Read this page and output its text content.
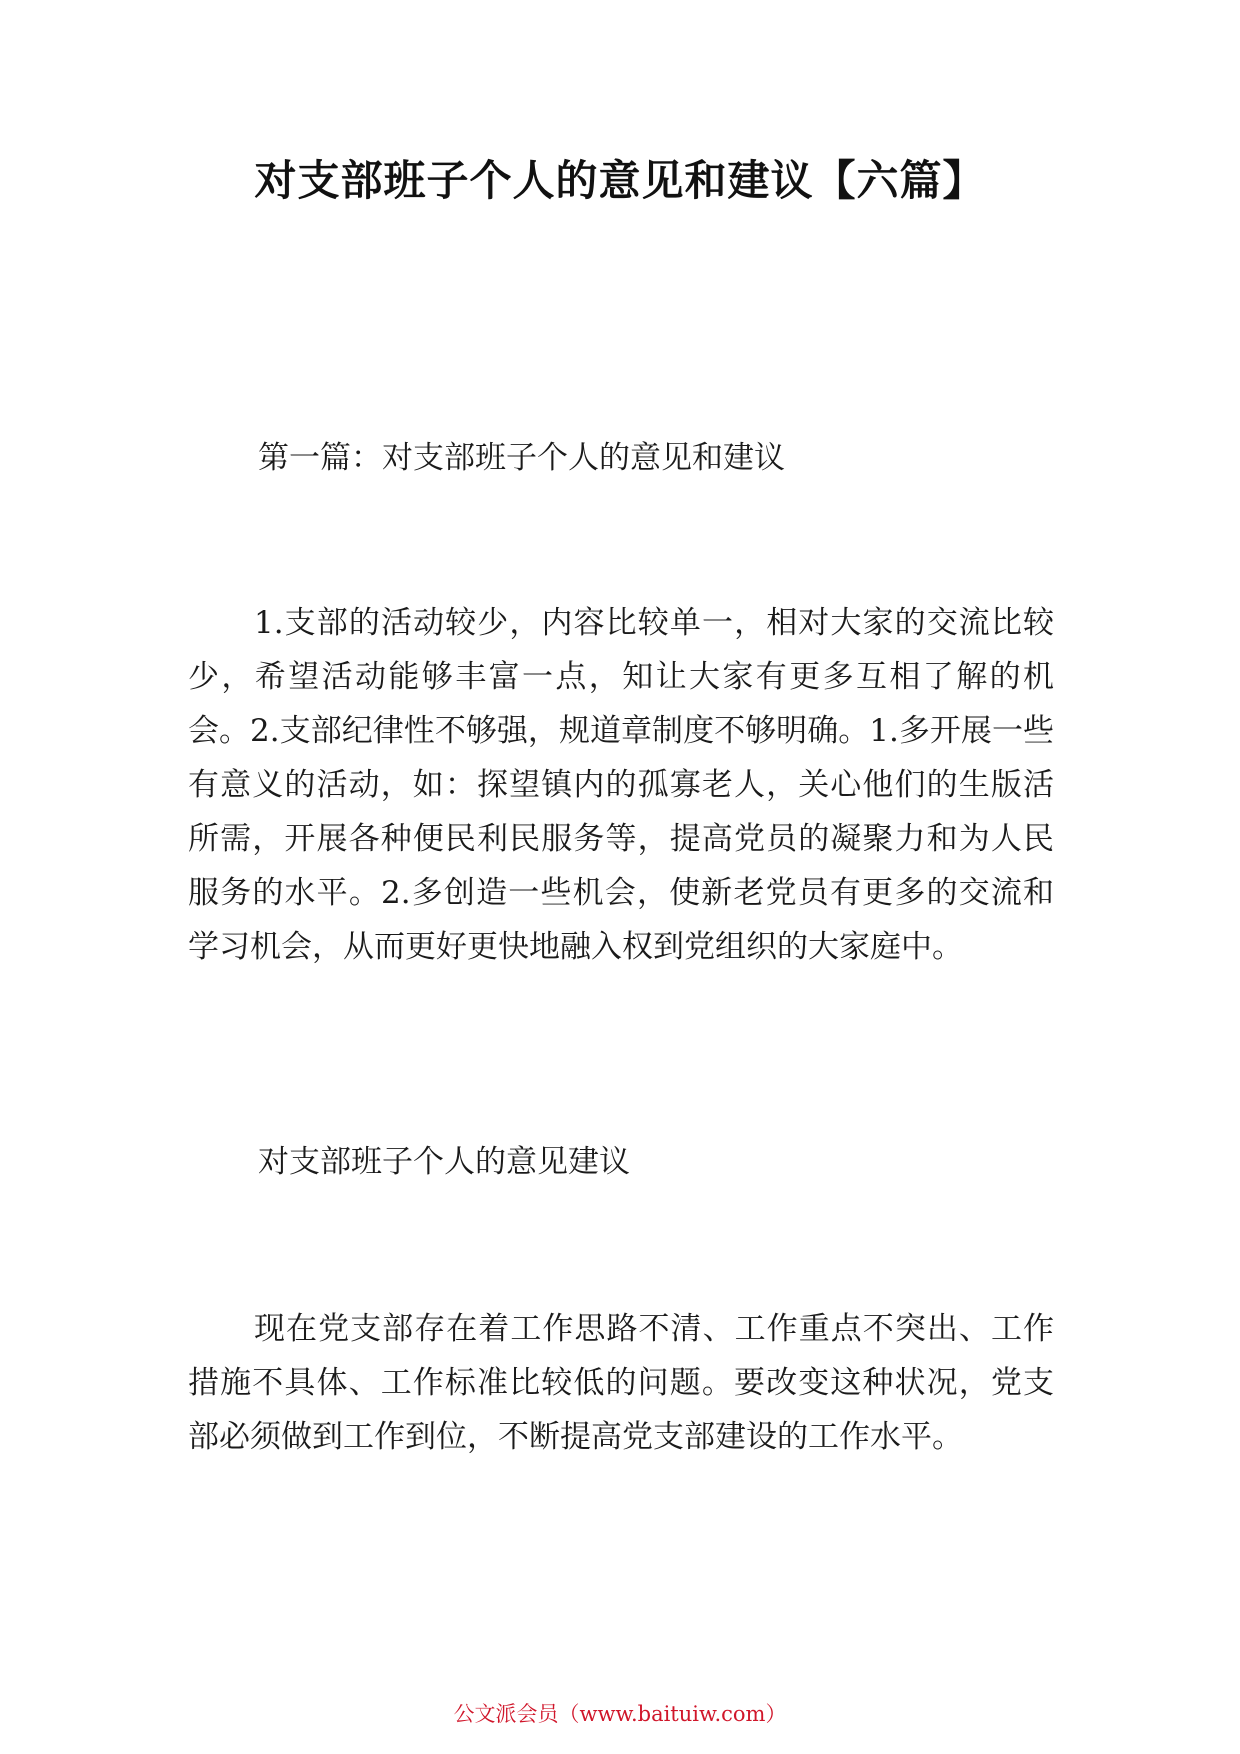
对支部班子个人的意见和建议【六篇】

第一篇：对支部班子个人的意见和建议

1.支部的活动较少，内容比较单一，相对大家的交流比较少，希望活动能够丰富一点，知让大家有更多互相了解的机会。2.支部纪律性不够强，规道章制度不够明确。1.多开展一些有意义的活动，如：探望镇内的孤寡老人，关心他们的生版活所需，开展各种便民利民服务等，提高党员的凝聚力和为人民服务的水平。2.多创造一些机会，使新老党员有更多的交流和学习机会，从而更好更快地融入权到党组织的大家庭中。

对支部班子个人的意见建议

现在党支部存在着工作思路不清、工作重点不突出、工作措施不具体、工作标准比较低的问题。要改变这种状况，党支部必须做到工作到位，不断提高党支部建设的工作水平。

公文派会员（www.baituiw.com）
